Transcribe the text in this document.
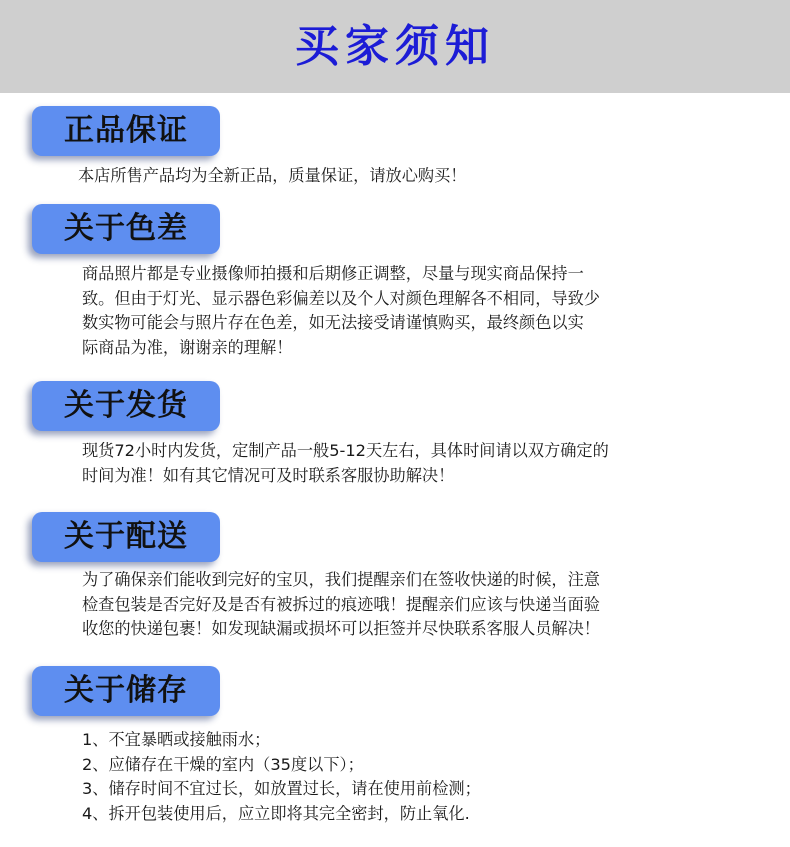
买家须知
正品保证

本店所售产品均为全新正品，质量保证，请放心购买！

关于色差

商品照片都是专业摄像师拍摄和后期修正调整，尽量与现实商品保持一

致。但由于灯光、显示器色彩偏差以及个人对颜色理解各不相同，导致少

数实物可能会与照片存在色差，如无法接受请谨慎购买，最终颜色以实

际商品为准，谢谢亲的理解！

关于发货

现货72小时内发货，定制产品一般5-12天左右，具体时间请以双方确定的

时间为准！如有其它情况可及时联系客服协助解决！

关于配送

为了确保亲们能收到完好的宝贝，我们提醒亲们在签收快递的时候，注意

检查包装是否完好及是否有被拆过的痕迹哦！提醒亲们应该与快递当面验

收您的快递包裹！如发现缺漏或损坏可以拒签并尽快联系客服人员解决！

关于储存

1、不宜暴晒或接触雨水；

2、应储存在干燥的室内（35度以下）；

3、储存时间不宜过长，如放置过长，请在使用前检测；

4、拆开包装使用后，应立即将其完全密封，防止氧化.
